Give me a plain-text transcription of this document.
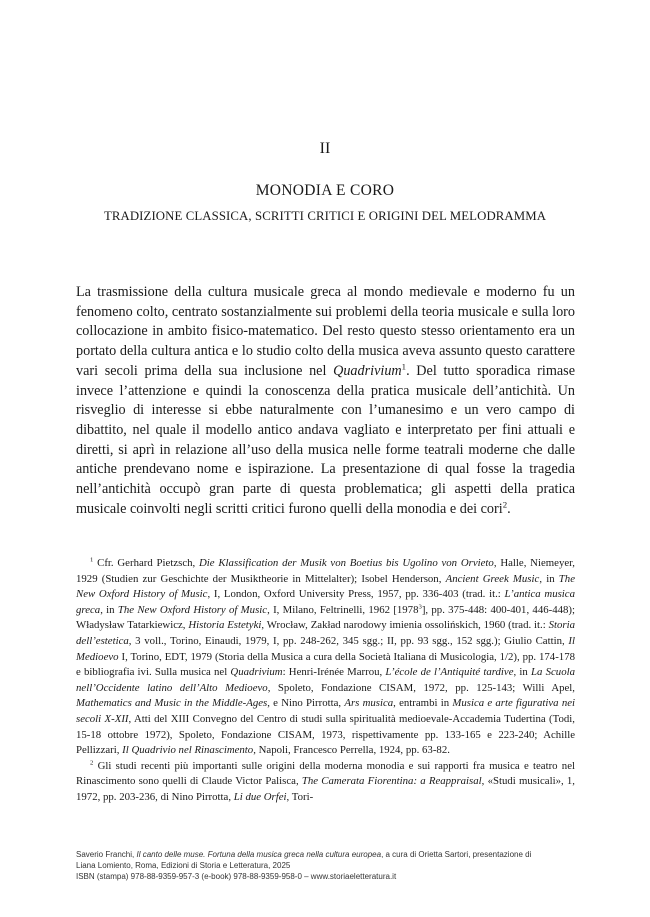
II
MONODIA E CORO
TRADIZIONE CLASSICA, SCRITTI CRITICI E ORIGINI DEL MELODRAMMA
La trasmissione della cultura musicale greca al mondo medievale e moderno fu un fenomeno colto, centrato sostanzialmente sui problemi della teoria musicale e sulla loro collocazione in ambito fisico-matematico. Del resto questo stesso orientamento era un portato della cultura antica e lo studio colto della musica aveva assunto questo carattere vari secoli prima della sua inclusione nel Quadrivium$^1$. Del tutto sporadica rimase invece l’attenzione e quindi la conoscenza della pratica musicale dell’antichità. Un risveglio di interesse si ebbe naturalmente con l’umanesimo e un vero campo di dibattito, nel quale il modello antico andava vagliato e interpretato per fini attuali e diretti, si aprì in relazione all’uso della musica nelle forme teatrali moderne che dalle antiche prendevano nome e ispirazione. La presentazione di qual fosse la tragedia nell’antichità occupò gran parte di questa problematica; gli aspetti della pratica musicale coinvolti negli scritti critici furono quelli della monodia e dei cori$^2$.

$^1$ Cfr. Gerhard Pietzsch, Die Klassification der Musik von Boetius bis Ugolino von Orvieto, Halle, Niemeyer, 1929 (Studien zur Geschichte der Musiktheorie in Mittelalter); Isobel Henderson, Ancient Greek Music, in The New Oxford History of Music, I, London, Oxford University Press, 1957, pp. 336-403 (trad. it.: L’antica musica greca, in The New Oxford History of Music, I, Milano, Feltrinelli, 1962 [1978$^3$], pp. 375-448: 400-401, 446-448); Władysław Tatarkiewicz, Historia Estetyki, Wrocław, Zakład narodowy imienia ossolińskich, 1960 (trad. it.: Storia dell’estetica, 3 voll., Torino, Einaudi, 1979, I, pp. 248-262, 345 sgg.; II, pp. 93 sgg., 152 sgg.); Giulio Cattin, Il Medioevo I, Torino, EDT, 1979 (Storia della Musica a cura della Società Italiana di Musicologia, 1/2), pp. 174-178 e bibliografia ivi. Sulla musica nel Quadrivium: Henri-Irénée Marrou, L’école de l’Antiquité tardive, in La Scuola nell’Occidente latino dell’Alto Medioevo, Spoleto, Fondazione CISAM, 1972, pp. 125-143; Willi Apel, Mathematics and Music in the Middle-Ages, e Nino Pirrotta, Ars musica, entrambi in Musica e arte figurativa nei secoli X-XII, Atti del XIII Convegno del Centro di studi sulla spiritualità medioevale-Accademia Tudertina (Todi, 15-18 ottobre 1972), Spoleto, Fondazione CISAM, 1973, rispettivamente pp. 133-165 e 223-240; Achille Pellizzari, Il Quadrivio nel Rinascimento, Napoli, Francesco Perrella, 1924, pp. 63-82.

$^2$ Gli studi recenti più importanti sulle origini della moderna monodia e sui rapporti fra musica e teatro nel Rinascimento sono quelli di Claude Victor Palisca, The Camerata Fiorentina: a Reappraisal, «Studi musicali», 1, 1972, pp. 203-236, di Nino Pirrotta, Li due Orfei, Tori-

Saverio Franchi, Il canto delle muse. Fortuna della musica greca nella cultura europea, a cura di Orietta Sartori, presentazione di
Liana Lomiento, Roma, Edizioni di Storia e Letteratura, 2025
ISBN (stampa) 978-88-9359-957-3 (e-book) 978-88-9359-958-0 – www.storiaeletteratura.it
